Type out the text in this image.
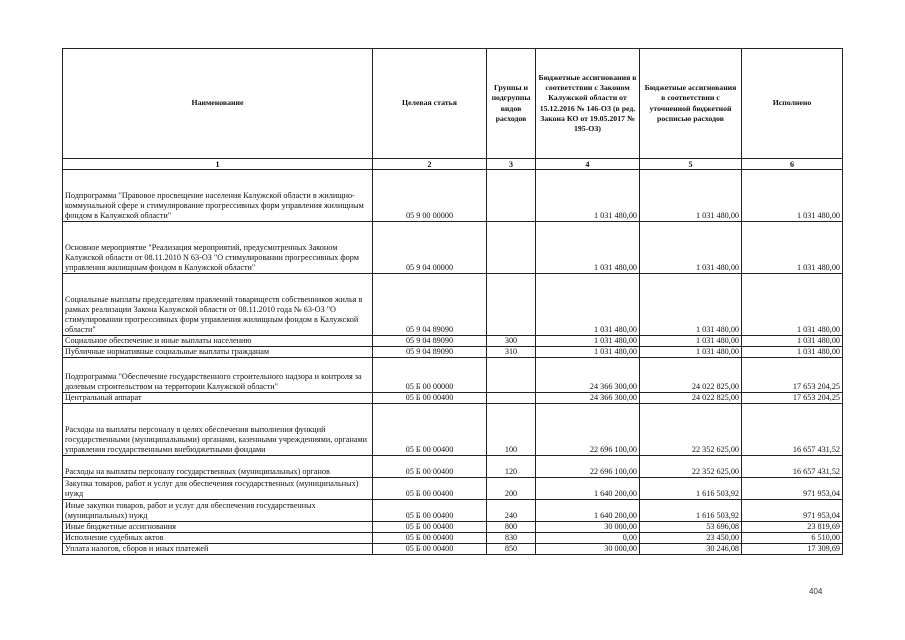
Наименование	Целевая статья	Группы и подгруппы видов расходов	Бюджетные ассигнования в соответствии с Законом Калужской области от 15.12.2016 № 146-ОЗ (в ред. Закона КО от 19.05.2017 № 195-ОЗ)	Бюджетные ассигнования в соответствии с уточненной бюджетной росписью расходов	Исполнено
1	2	3	4	5	6
Подпрограмма "Правовое просвещение населения Калужской области в жилищно-коммунальной сфере и стимулирование прогрессивных форм управления жилищным фондом в Калужской области"	05 9 00 00000		1 031 480,00	1 031 480,00	1 031 480,00
Основное мероприятие "Реализация мероприятий, предусмотренных Законом Калужской области от 08.11.2010 N 63-ОЗ "О стимулировании прогрессивных форм управления жилищным фондом в Калужской области"	05 9 04 00000		1 031 480,00	1 031 480,00	1 031 480,00
Социальные выплаты председателям правлений товариществ собственников жилья в рамках реализации Закона Калужской области от 08.11.2010 года № 63-ОЗ "О стимулировании прогрессивных форм управления жилищным фондом в Калужской области"	05 9 04 89090		1 031 480,00	1 031 480,00	1 031 480,00
Социальное обеспечение и иные выплаты населению	05 9 04 89090	300	1 031 480,00	1 031 480,00	1 031 480,00
Публичные нормативные социальные выплаты гражданам	05 9 04 89090	310	1 031 480,00	1 031 480,00	1 031 480,00
Подпрограмма "Обеспечение государственного строительного надзора и контроля за долевым строительством на территории Калужской области"	05 Б 00 00000		24 366 300,00	24 022 825,00	17 653 204,25
Центральный аппарат	05 Б 00 00400		24 366 300,00	24 022 825,00	17 653 204,25
Расходы на выплаты персоналу в целях обеспечения выполнения функций государственными (муниципальными) органами, казенными учреждениями, органами управления государственными внебюджетными фондами	05 Б 00 00400	100	22 696 100,00	22 352 625,00	16 657 431,52
Расходы на выплаты персоналу государственных (муниципальных) органов	05 Б 00 00400	120	22 696 100,00	22 352 625,00	16 657 431,52
Закупка товаров, работ и услуг для обеспечения государственных (муниципальных) нужд	05 Б 00 00400	200	1 640 200,00	1 616 503,92	971 953,04
Иные закупки товаров, работ и услуг для обеспечения государственных (муниципальных) нужд	05 Б 00 00400	240	1 640 200,00	1 616 503,92	971 953,04
Иные бюджетные ассигнования	05 Б 00 00400	800	30 000,00	53 696,08	23 819,69
Исполнение судебных актов	05 Б 00 00400	830	0,00	23 450,00	6 510,00
Уплата налогов, сборов и иных платежей	05 Б 00 00400	850	30 000,00	30 246,08	17 309,69
404
